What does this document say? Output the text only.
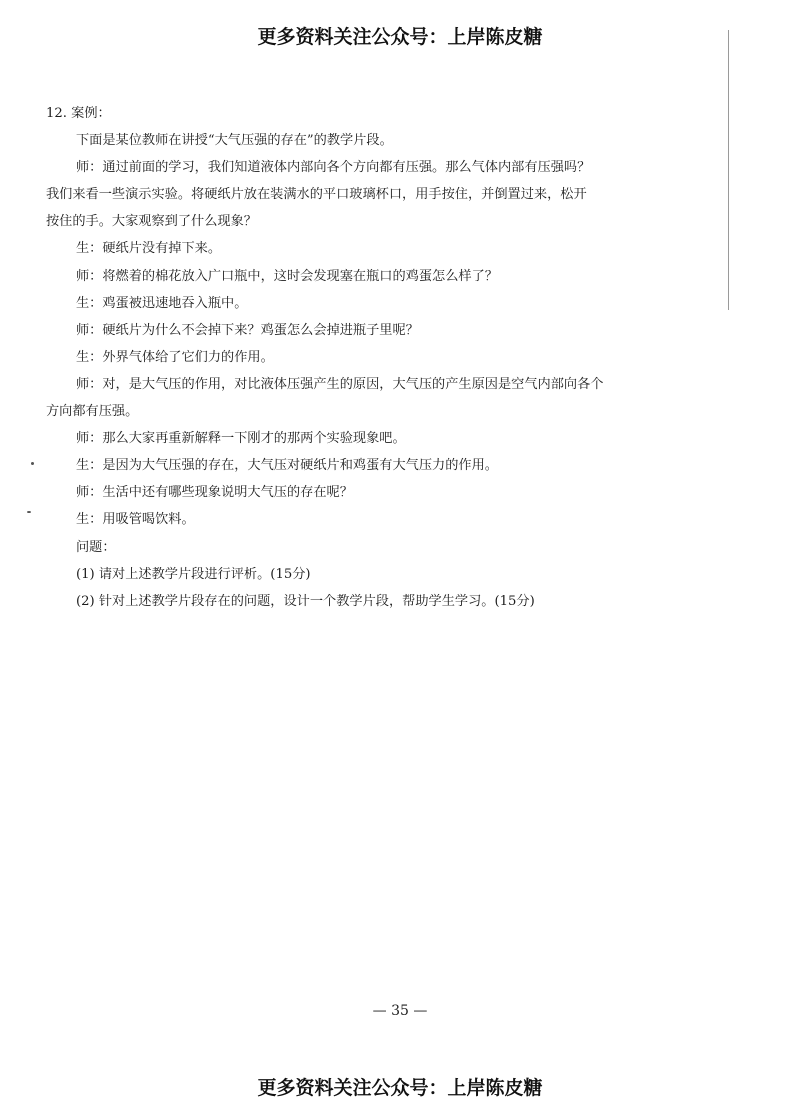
更多资料关注公众号：上岸陈皮糖
12. 案例：
下面是某位教师在讲授“大气压强的存在”的教学片段。
师：通过前面的学习，我们知道液体内部向各个方向都有压强。那么气体内部有压强吗？
我们来看一些演示实验。将硬纸片放在装满水的平口玻璃杯口，用手按住，并倒置过来，松开
按住的手。大家观察到了什么现象？
生：硬纸片没有掉下来。
师：将燃着的棉花放入广口瓶中，这时会发现塞在瓶口的鸡蛋怎么样了？
生：鸡蛋被迅速地吞入瓶中。
师：硬纸片为什么不会掉下来？鸡蛋怎么会掉进瓶子里呢？
生：外界气体给了它们力的作用。
师：对，是大气压的作用，对比液体压强产生的原因，大气压的产生原因是空气内部向各个
方向都有压强。
师：那么大家再重新解释一下刚才的那两个实验现象吧。
生：是因为大气压强的存在，大气压对硬纸片和鸡蛋有大气压力的作用。
师：生活中还有哪些现象说明大气压的存在呢？
生：用吸管喝饮料。
问题：
(1) 请对上述教学片段进行评析。(15分)
(2) 针对上述教学片段存在的问题，设计一个教学片段，帮助学生学习。(15分)
— 35 —
更多资料关注公众号：上岸陈皮糖
